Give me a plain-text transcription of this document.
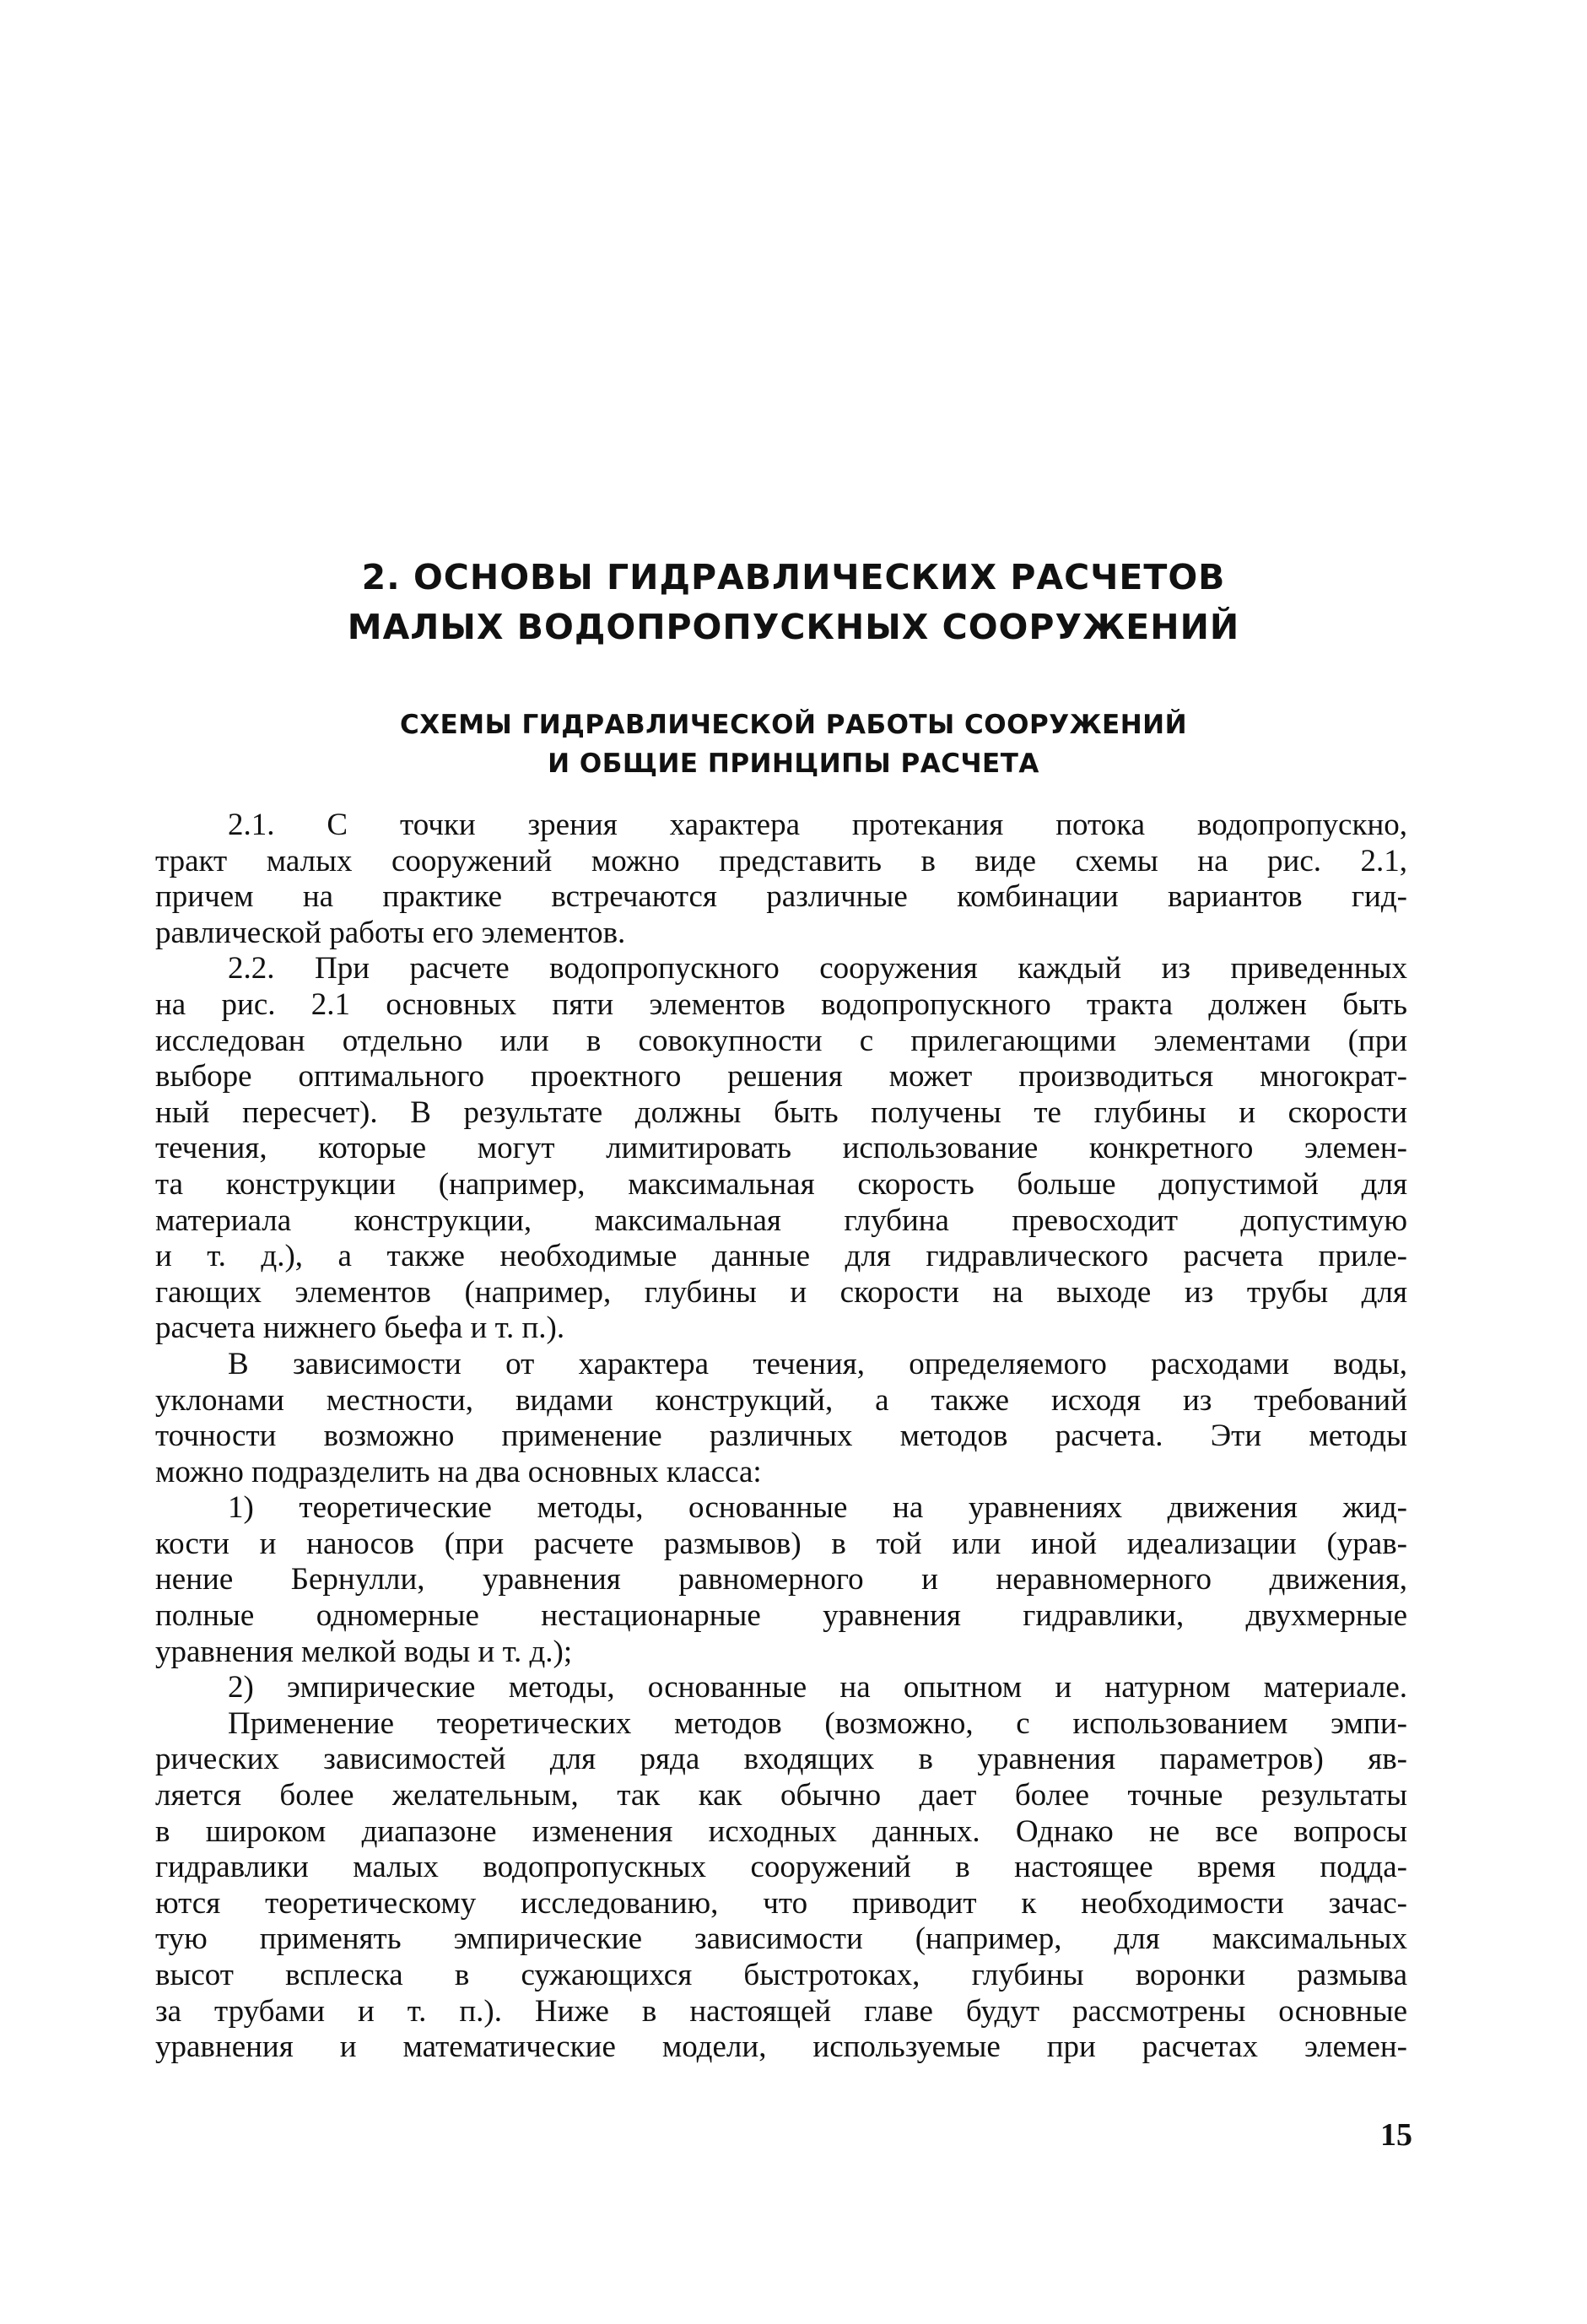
2. ОСНОВЫ ГИДРАВЛИЧЕСКИХ РАСЧЕТОВ
МАЛЫХ ВОДОПРОПУСКНЫХ СООРУЖЕНИЙ
СХЕМЫ ГИДРАВЛИЧЕСКОЙ РАБОТЫ СООРУЖЕНИЙ
И ОБЩИЕ ПРИНЦИПЫ РАСЧЕТА
2.1. С точки зрения характера протекания потока водопропускно,
тракт малых сооружений можно представить в виде схемы на рис. 2.1,
причем на практике встречаются различные комбинации вариантов гид-
равлической работы его элементов.
2.2. При расчете водопропускного сооружения каждый из приведенных
на рис. 2.1 основных пяти элементов водопропускного тракта должен быть
исследован отдельно или в совокупности с прилегающими элементами (при
выборе оптимального проектного решения может производиться многократ-
ный пересчет). В результате должны быть получены те глубины и скорости
течения, которые могут лимитировать использование конкретного элемен-
та конструкции (например, максимальная скорость больше допустимой для
материала конструкции, максимальная глубина превосходит допустимую
и т. д.), а также необходимые данные для гидравлического расчета приле-
гающих элементов (например, глубины и скорости на выходе из трубы для
расчета нижнего бьефа и т. п.).
В зависимости от характера течения, определяемого расходами воды,
уклонами местности, видами конструкций, а также исходя из требований
точности возможно применение различных методов расчета. Эти методы
можно подразделить на два основных класса:
1) теоретические методы, основанные на уравнениях движения жид-
кости и наносов (при расчете размывов) в той или иной идеализации (урав-
нение Бернулли, уравнения равномерного и неравномерного движения,
полные одномерные нестационарные уравнения гидравлики, двухмерные
уравнения мелкой воды и т. д.);
2) эмпирические методы, основанные на опытном и натурном материале.
Применение теоретических методов (возможно, с использованием эмпи-
рических зависимостей для ряда входящих в уравнения параметров) яв-
ляется более желательным, так как обычно дает более точные результаты
в широком диапазоне изменения исходных данных. Однако не все вопросы
гидравлики малых водопропускных сооружений в настоящее время подда-
ются теоретическому исследованию, что приводит к необходимости зачас-
тую применять эмпирические зависимости (например, для максимальных
высот всплеска в сужающихся быстротоках, глубины воронки размыва
за трубами и т. п.). Ниже в настоящей главе будут рассмотрены основные
уравнения и математические модели, используемые при расчетах элемен-
15
